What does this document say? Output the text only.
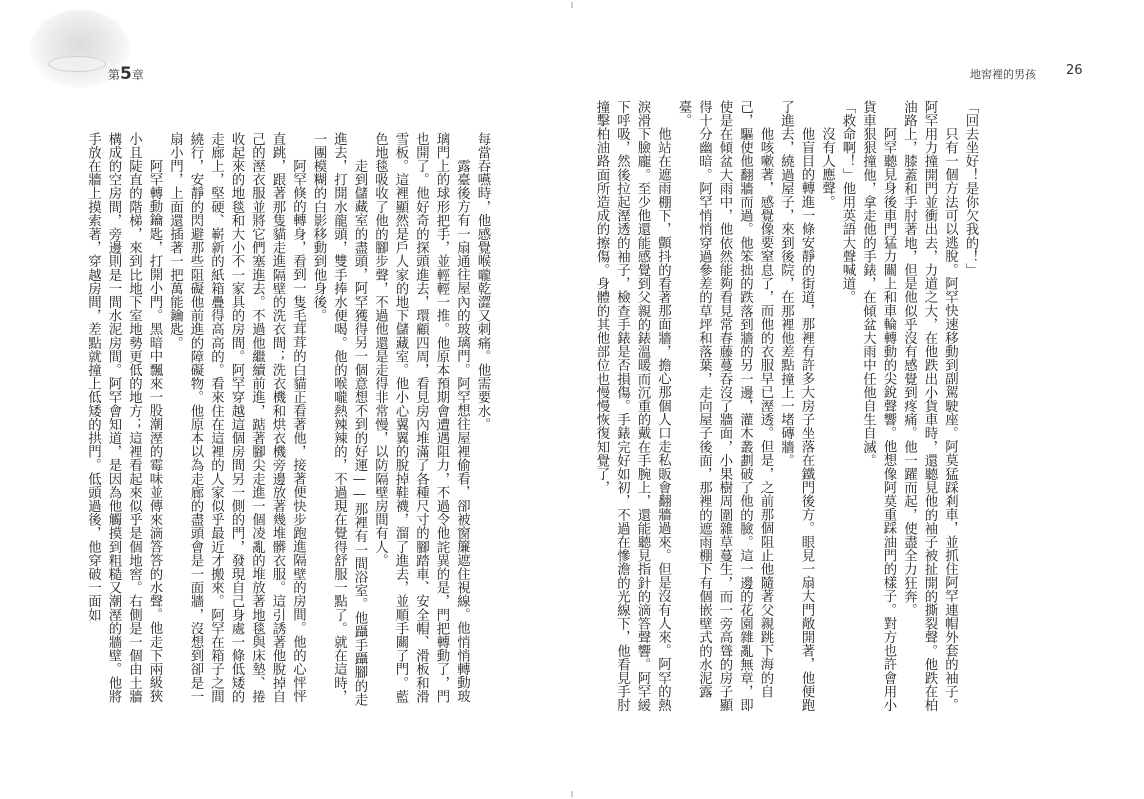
第5章	地窖裡的男孩 26

「回去坐好！是你欠我的！」

只有一個方法可以逃脫。阿罕快速移動到副駕駛座。阿莫猛踩剎車，並抓住阿罕連帽外套的袖子。阿罕用力撞開門並衝出去，力道之大，在他跌出小貨車時，還聽見他的袖子被扯開的撕裂聲。他跌在柏油路上，膝蓋和手肘著地，但是他似乎沒有感覺到疼痛。他一躍而起，使盡全力狂奔。

阿罕聽見身後車門猛力關上和車輪轉動的尖銳聲響。他想像阿莫重踩油門的樣子。對方也許會用小貨車狠狠撞他，拿走他的手錶，在傾盆大雨中任他自生自滅。

「救命啊！」他用英語大聲喊道。

沒有人應聲。

他盲目的轉進一條安靜的街道，那裡有許多大房子坐落在鐵門後方。眼見一扇大門敞開著，他便跑了進去，繞過屋子，來到後院，在那裡他差點撞上一堵磚牆。

他咳嗽著，感覺像要窒息了，而他的衣服早已溼透。但是，之前那個阻止他隨著父親跳下海的自己，驅使他翻牆而過。他笨拙的跌落到牆的另一邊，灌木叢劃破了他的臉。這一邊的花園雜亂無章，即使是在傾盆大雨中，他依然能夠看見常春藤蔓吞沒了牆面，小果樹周圍雜草蔓生，而一旁高聳的房子顯得十分幽暗。阿罕悄悄穿過參差的草坪和落葉，走向屋子後面，那裡的遮雨棚下有個嵌壁式的水泥露臺。

他站在遮雨棚下，顫抖的看著那面牆，擔心那個人口走私販會翻牆過來。但是沒有人來。阿罕的熱淚滑下臉龐。至少他還能感覺到父親的錶溫暖而沉重的戴在手腕上，還能聽見指針的滴答聲響。阿罕緩下呼吸，然後拉起溼透的袖子，檢查手錶是否損傷。手錶完好如初，不過在慘澹的光線下，他看見手肘撞擊柏油路面所造成的擦傷。身體的其他部位也慢慢恢復知覺了，

每當吞嚥時，他感覺喉嚨乾澀又刺痛。他需要水。

露臺後方有一扇通往屋內的玻璃門。阿罕想往屋裡偷看，卻被窗簾遮住視線。他悄悄轉動玻璃門上的球形把手，並輕輕一推。他原本預期會遭遇阻力，不過令他詫異的是，門把轉動了，門也開了。他好奇的探頭進去，環顧四周，看見房內堆滿了各種尺寸的腳踏車、安全帽、滑板和滑雪板。這裡顯然是戶人家的地下儲藏室。他小心翼翼的脫掉鞋襪，溜了進去，並順手關了門。藍色地毯吸收了他的腳步聲，不過他還是走得非常慢，以防隔壁房間有人。

走到儲藏室的盡頭，阿罕獲得另一個意想不到的好運——那裡有一間浴室。他躡手躡腳的走進去，打開水龍頭，雙手捧水便喝。他的喉嚨熱辣辣的，不過現在覺得舒服一點了。就在這時，一團模糊的白影移動到他身後。

阿罕倏的轉身，看到一隻毛茸茸的白貓正看著他，接著便快步跑進隔壁的房間。他的心怦怦直跳，跟著那隻貓走進隔壁的洗衣間；洗衣機和烘衣機旁邊放著幾堆髒衣服。這引誘著他脫掉自己的溼衣服並將它們塞進去。不過他繼續前進，踮著腳尖走進一個凌亂的堆放著地毯與床墊、捲收起來的地毯和大小不一家具的房間。阿罕穿越這個房間另一側的門，發現自己身處一條低矮的走廊上，堅硬、嶄新的紙箱疊得高高的。看來住在這裡的人家似乎最近才搬來。阿罕在箱子之間繞行，安靜的閃避那些阻礙他前進的障礙物。他原本以為走廊的盡頭會是一面牆，沒想到卻是一扇小門，上面還插著一把萬能鑰匙。

阿罕轉動鑰匙，打開小門。黑暗中飄來一股潮溼的霉味並傳來滴答答的水聲。他走下兩級狹小且陡直的階梯，來到比地下室地勢更低的地方；這裡看起來似乎是個地窖。右側是一個由土牆構成的空房間，旁邊則是一間水泥房間。阿罕會知道，是因為他觸摸到粗糙又潮溼的牆壁。他將手放在牆上摸索著，穿越房間，差點就撞上低矮的拱門。低頭過後，他穿破一面如
